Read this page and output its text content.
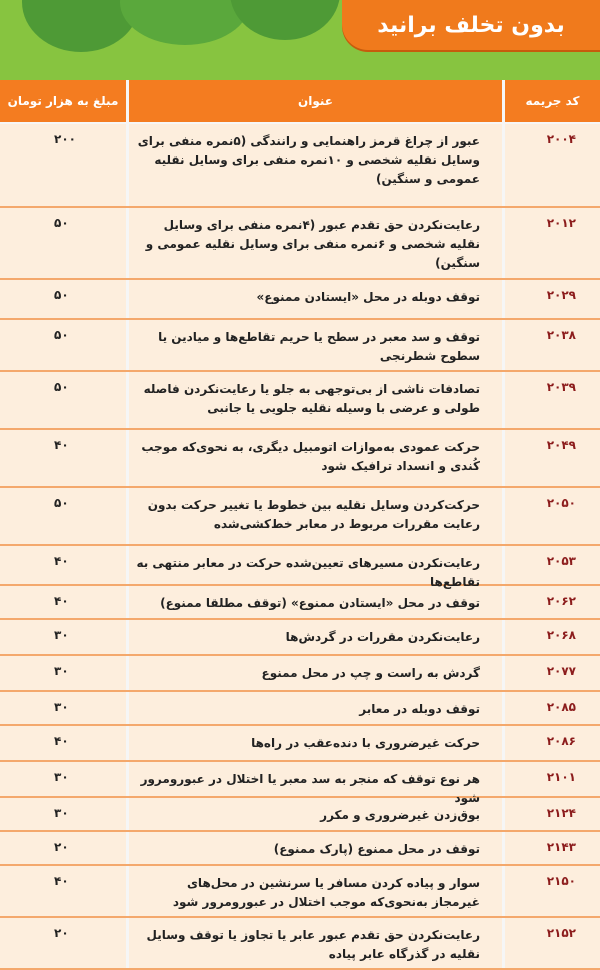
بدون تخلف برانید
کد جریمه
عنوان
مبلغ به هزار تومان
۲۰۰۴
عبور از چراغ قرمز راهنمایی و رانندگی (۵نمره منفی برای وسایل نقلیه شخصی و ۱۰نمره منفی برای وسایل نقلیه عمومی و سنگین)
۲۰۰
۲۰۱۲
رعایت‌نکردن حق تقدم عبور (۴نمره منفی برای وسایل نقلیه شخصی و ۶نمره منفی برای وسایل نقلیه عمومی و سنگین)
۵۰
۲۰۲۹
توقف دوبله در محل «ایستادن ممنوع»
۵۰
۲۰۳۸
توقف و سد معبر در سطح یا حریم تقاطع‌ها و میادین یا سطوح شطرنجی
۵۰
۲۰۳۹
تصادفات ناشی از بی‌توجهی به جلو یا رعایت‌نکردن فاصله طولی و عرضی با وسیله نقلیه جلویی یا جانبی
۵۰
۲۰۴۹
حرکت عمودی به‌موازات اتومبیل دیگری، به نحوی‌که موجب کُندی و انسداد ترافیک شود
۴۰
۲۰۵۰
حرکت‌کردن وسایل نقلیه بین خطوط یا تغییر حرکت بدون رعایت مقررات مربوط در معابر خط‌کشی‌شده
۵۰
۲۰۵۳
رعایت‌نکردن مسیرهای تعیین‌شده حرکت در معابر منتهی به تقاطع‌ها
۴۰
۲۰۶۲
توقف در محل «ایستادن ممنوع» (توقف مطلقا ممنوع)
۴۰
۲۰۶۸
رعایت‌نکردن مقررات در گردش‌ها
۳۰
۲۰۷۷
گردش به راست و چپ در محل ممنوع
۳۰
۲۰۸۵
توقف دوبله در معابر
۳۰
۲۰۸۶
حرکت غیرضروری با دنده‌عقب در راه‌ها
۴۰
۲۱۰۱
هر نوع توقف که منجر به سد معبر یا اختلال در عبورومرور شود
۳۰
۲۱۲۴
بوق‌زدن غیرضروری و مکرر
۳۰
۲۱۴۳
توقف در محل ممنوع (پارک ممنوع)
۲۰
۲۱۵۰
سوار و پیاده کردن مسافر یا سرنشین در محل‌های غیرمجاز به‌نحوی‌که موجب اختلال در عبورومرور شود
۴۰
۲۱۵۲
رعایت‌نکردن حق تقدم عبور عابر یا تجاوز یا توقف وسایل نقلیه در گذرگاه عابر پیاده
۲۰
